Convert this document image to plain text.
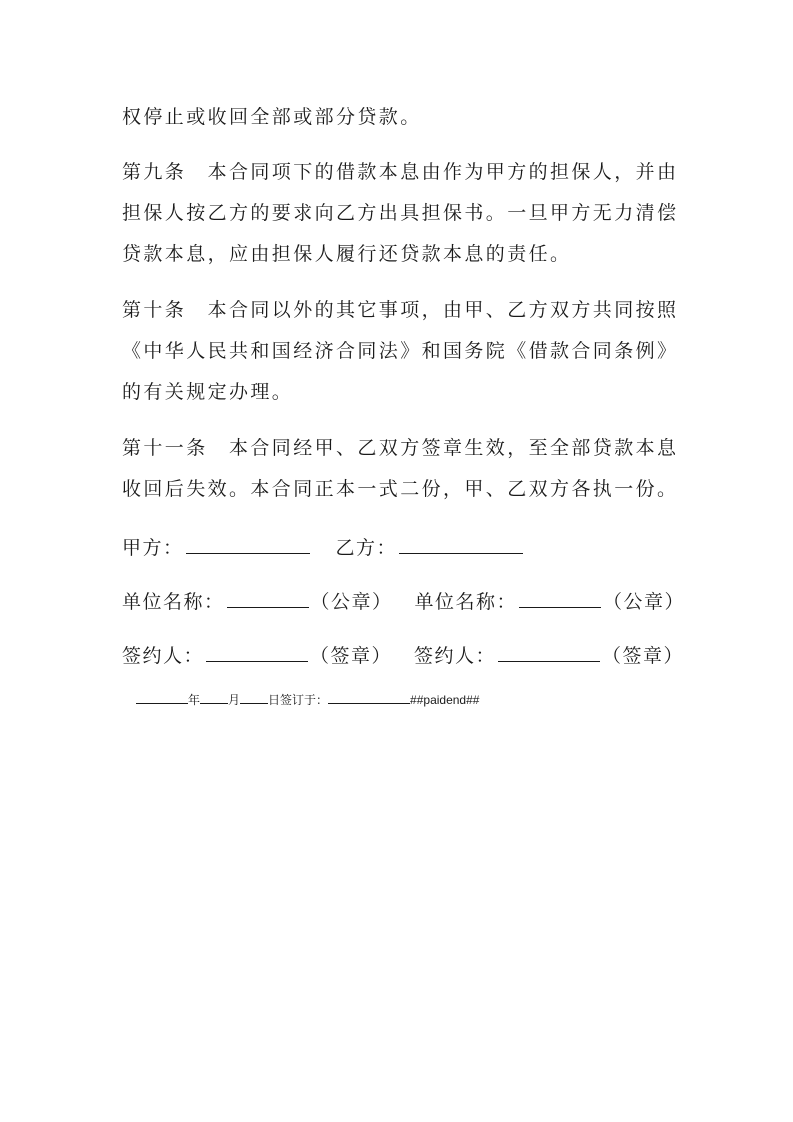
权停止或收回全部或部分贷款。

第九条　本合同项下的借款本息由作为甲方的担保人，并由
担保人按乙方的要求向乙方出具担保书。一旦甲方无力清偿
贷款本息，应由担保人履行还贷款本息的责任。

第十条　本合同以外的其它事项，由甲、乙方双方共同按照
《中华人民共和国经济合同法》和国务院《借款合同条例》
的有关规定办理。

第十一条　本合同经甲、乙双方签章生效，至全部贷款本息
收回后失效。本合同正本一式二份，甲、乙双方各执一份。

甲方：	乙方：
单位名称：	（公章） 单位名称：	（公章）
签约人：	（签章） 签约人：	（签章）
年 月 日签订于：	##paidend##
